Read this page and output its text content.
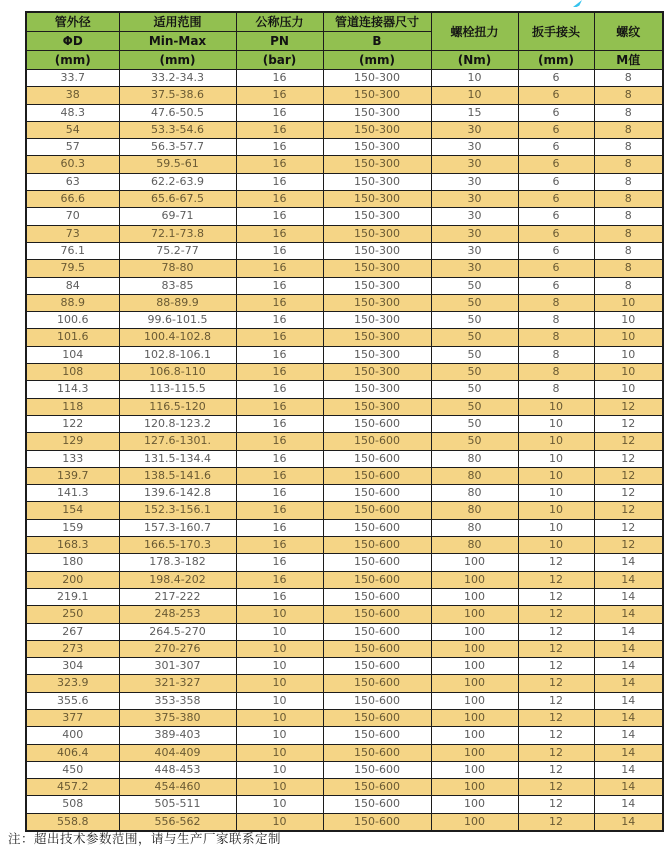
管外径	适用范围	公称压力	管道连接器尺寸	螺栓扭力	扳手接头	螺纹
ΦD	Min-Max	PN	B			
(mm)	(mm)	(bar)	(mm)	(Nm)	(mm)	M值
33.7	33.2-34.3	16	150-300	10	6	8
38	37.5-38.6	16	150-300	10	6	8
48.3	47.6-50.5	16	150-300	15	6	8
54	53.3-54.6	16	150-300	30	6	8
57	56.3-57.7	16	150-300	30	6	8
60.3	59.5-61	16	150-300	30	6	8
63	62.2-63.9	16	150-300	30	6	8
66.6	65.6-67.5	16	150-300	30	6	8
70	69-71	16	150-300	30	6	8
73	72.1-73.8	16	150-300	30	6	8
76.1	75.2-77	16	150-300	30	6	8
79.5	78-80	16	150-300	30	6	8
84	83-85	16	150-300	50	6	8
88.9	88-89.9	16	150-300	50	8	10
100.6	99.6-101.5	16	150-300	50	8	10
101.6	100.4-102.8	16	150-300	50	8	10
104	102.8-106.1	16	150-300	50	8	10
108	106.8-110	16	150-300	50	8	10
114.3	113-115.5	16	150-300	50	8	10
118	116.5-120	16	150-300	50	10	12
122	120.8-123.2	16	150-600	50	10	12
129	127.6-1301.	16	150-600	50	10	12
133	131.5-134.4	16	150-600	80	10	12
139.7	138.5-141.6	16	150-600	80	10	12
141.3	139.6-142.8	16	150-600	80	10	12
154	152.3-156.1	16	150-600	80	10	12
159	157.3-160.7	16	150-600	80	10	12
168.3	166.5-170.3	16	150-600	80	10	12
180	178.3-182	16	150-600	100	12	14
200	198.4-202	16	150-600	100	12	14
219.1	217-222	16	150-600	100	12	14
250	248-253	10	150-600	100	12	14
267	264.5-270	10	150-600	100	12	14
273	270-276	10	150-600	100	12	14
304	301-307	10	150-600	100	12	14
323.9	321-327	10	150-600	100	12	14
355.6	353-358	10	150-600	100	12	14
377	375-380	10	150-600	100	12	14
400	389-403	10	150-600	100	12	14
406.4	404-409	10	150-600	100	12	14
450	448-453	10	150-600	100	12	14
457.2	454-460	10	150-600	100	12	14
508	505-511	10	150-600	100	12	14
558.8	556-562	10	150-600	100	12	14
注：超出技术参数范围，请与生产厂家联系定制
